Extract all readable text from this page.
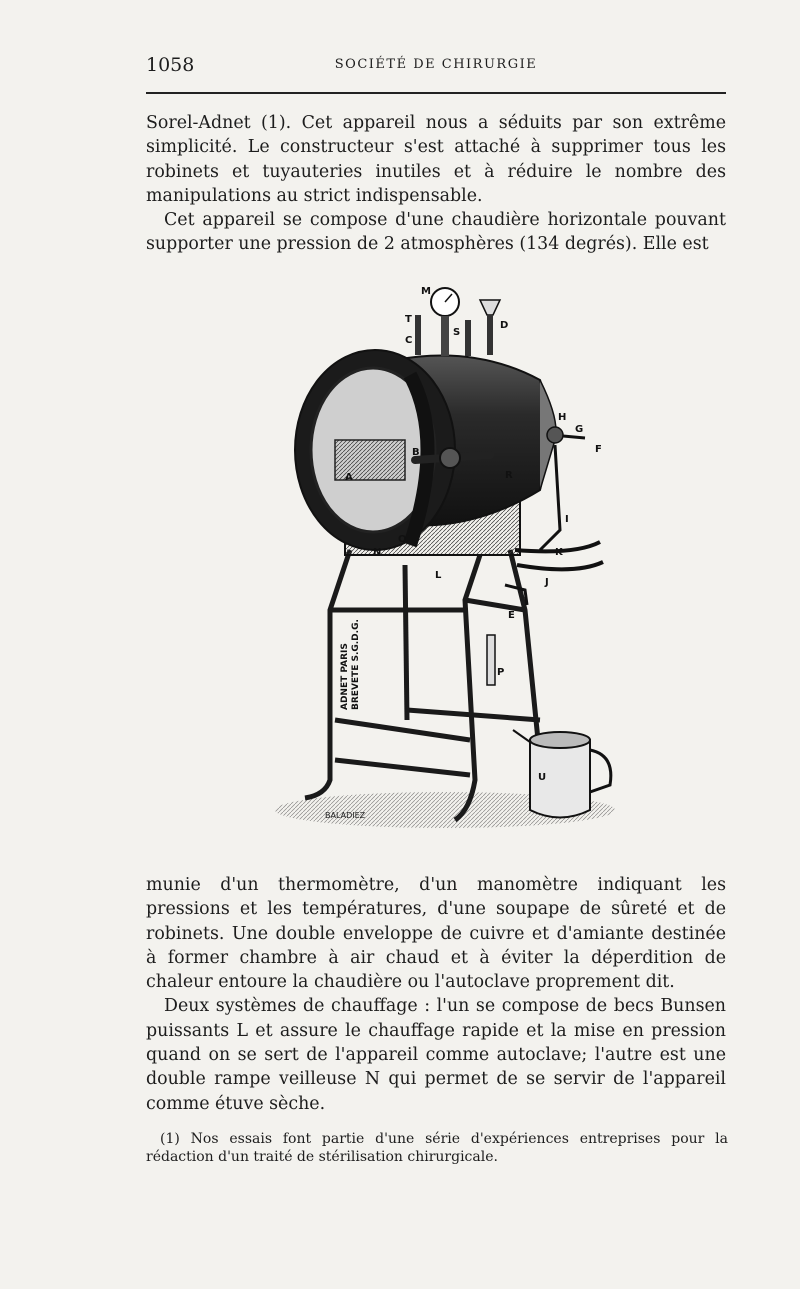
1058	SOCIÉTÉ DE CHIRURGIE

Sorel-Adnet (1). Cet appareil nous a séduits par son extrême simplicité. Le constructeur s'est attaché à supprimer tous les robinets et tuyauteries inutiles et à réduire le nombre des manipulations au strict indispensable.

Cet appareil se compose d'une chaudière horizontale pouvant supporter une pression de 2 atmosphères (134 degrés). Elle est

ADNET PARIS BREVETE S.G.D.G.
BALADIEZ
M
T
C
S
D
H
G
F
B
A	R
I
O
N	K
L
J
E
P
U

munie d'un thermomètre, d'un manomètre indiquant les pressions et les températures, d'une soupape de sûreté et de robinets. Une double enveloppe de cuivre et d'amiante destinée à former chambre à air chaud et à éviter la déperdition de chaleur entoure la chaudière ou l'autoclave proprement dit.

Deux systèmes de chauffage : l'un se compose de becs Bunsen puissants L et assure le chauffage rapide et la mise en pression quand on se sert de l'appareil comme autoclave; l'autre est une double rampe veilleuse N qui permet de se servir de l'appareil comme étuve sèche.

(1) Nos essais font partie d'une série d'expériences entreprises pour la rédaction d'un traité de stérilisation chirurgicale.
